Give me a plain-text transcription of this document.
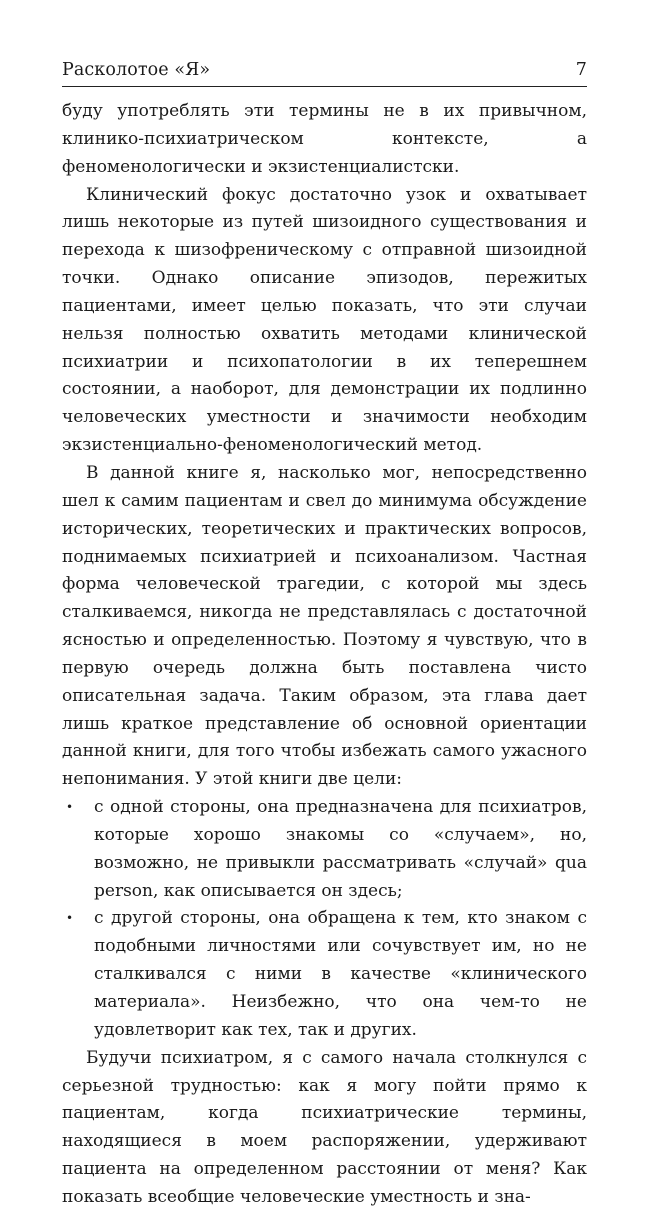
Расколотое «Я»	7

буду употреблять эти термины не в их привычном, клинико-психиатрическом контексте, а феноменологически и экзистенциалистски.

Клинический фокус достаточно узок и охватывает лишь некоторые из путей шизоидного существования и перехода к шизофреническому с отправной шизоидной точки. Однако описание эпизодов, пережитых пациентами, имеет целью показать, что эти случаи нельзя полностью охватить методами клинической психиатрии и психопатологии в их теперешнем состоянии, а наоборот, для демонстрации их подлинно человеческих уместности и значимости необходим экзистенциально-феноменологический метод.

В данной книге я, насколько мог, непосредственно шел к самим пациентам и свел до минимума обсуждение исторических, теоретических и практических вопросов, поднимаемых психиатрией и психоанализом. Частная форма человеческой трагедии, с которой мы здесь сталкиваемся, никогда не представлялась с достаточной ясностью и определенностью. Поэтому я чувствую, что в первую очередь должна быть поставлена чисто описательная задача. Таким образом, эта глава дает лишь краткое представление об основной ориентации данной книги, для того чтобы избежать самого ужасного непонимания. У этой книги две цели:

• с одной стороны, она предназначена для психиатров, которые хорошо знакомы со «случаем», но, возможно, не привыкли рассматривать «случай» qua person, как описывается он здесь;
• с другой стороны, она обращена к тем, кто знаком с подобными личностями или сочувствует им, но не сталкивался с ними в качестве «клинического материала». Неизбежно, что она чем-то не удовлетворит как тех, так и других.

Будучи психиатром, я с самого начала столкнулся с серьезной трудностью: как я могу пойти прямо к пациентам, когда психиатрические термины, находящиеся в моем распоряжении, удерживают пациента на определенном расстоянии от меня? Как показать всеобщие человеческие уместность и зна-
